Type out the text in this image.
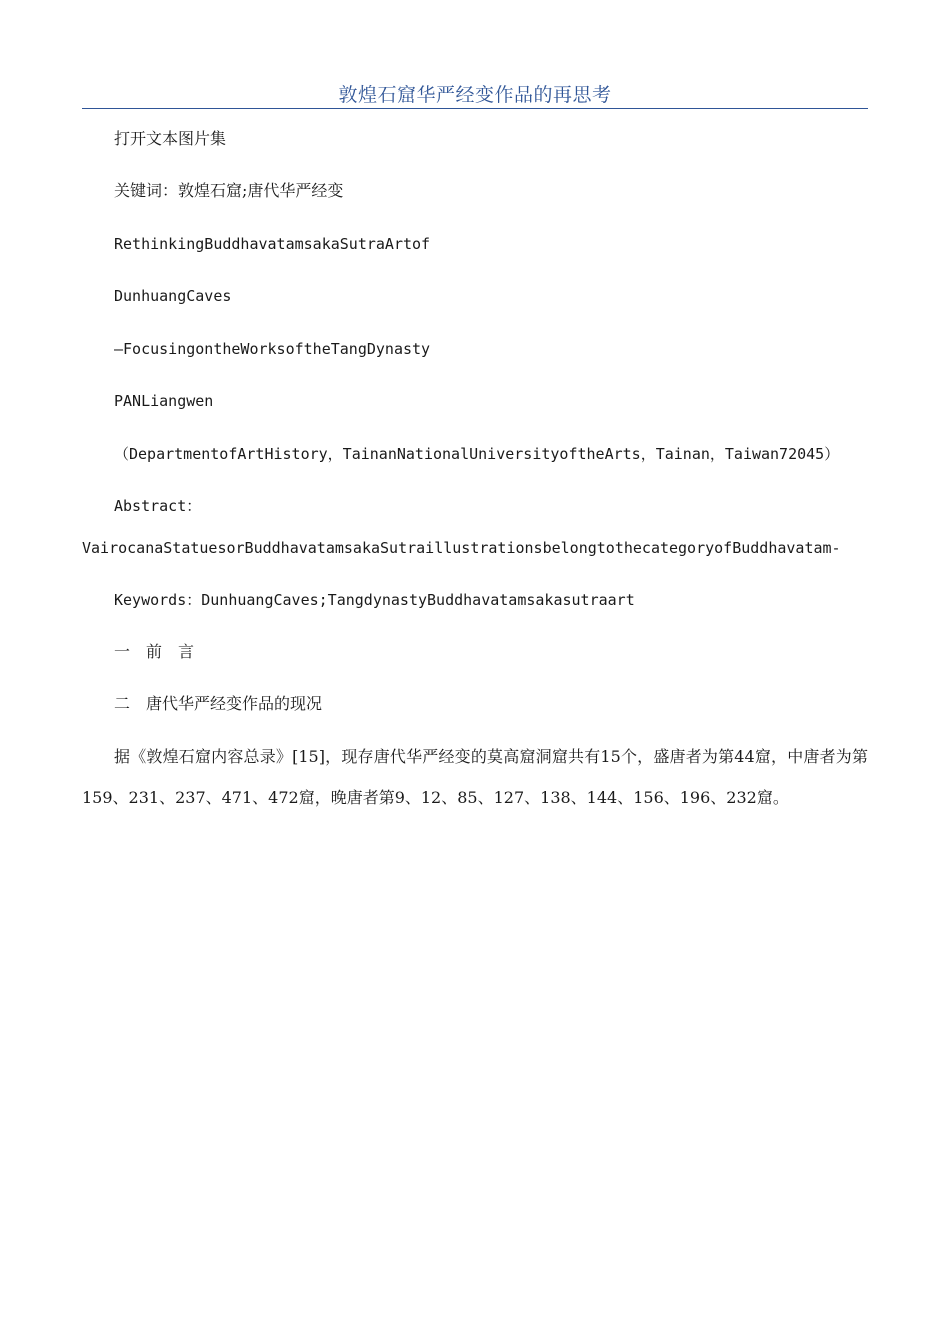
敦煌石窟华严经变作品的再思考
打开文本图片集
关键词：敦煌石窟;唐代华严经变
RethinkingBuddhavatamsakaSutraArtof
DunhuangCaves
—FocusingontheWorksoftheTangDynasty
PANLiangwen
（DepartmentofArtHistory，TainanNationalUniversityoftheArts，Tainan，Taiwan72045）
Abstract：
VairocanaStatuesorBuddhavatamsakaSutraillustrationsbelongtothecategoryofBuddhavatam-
Keywords：DunhuangCaves;TangdynastyBuddhavatamsakasutraart
一　前　言
二　唐代华严经变作品的现况
据《敦煌石窟内容总录》[15]，现存唐代华严经变的莫高窟洞窟共有15个，盛唐者为第44窟，中唐者为第159、231、237、471、472窟，晚唐者第9、12、85、127、138、144、156、196、232窟。
